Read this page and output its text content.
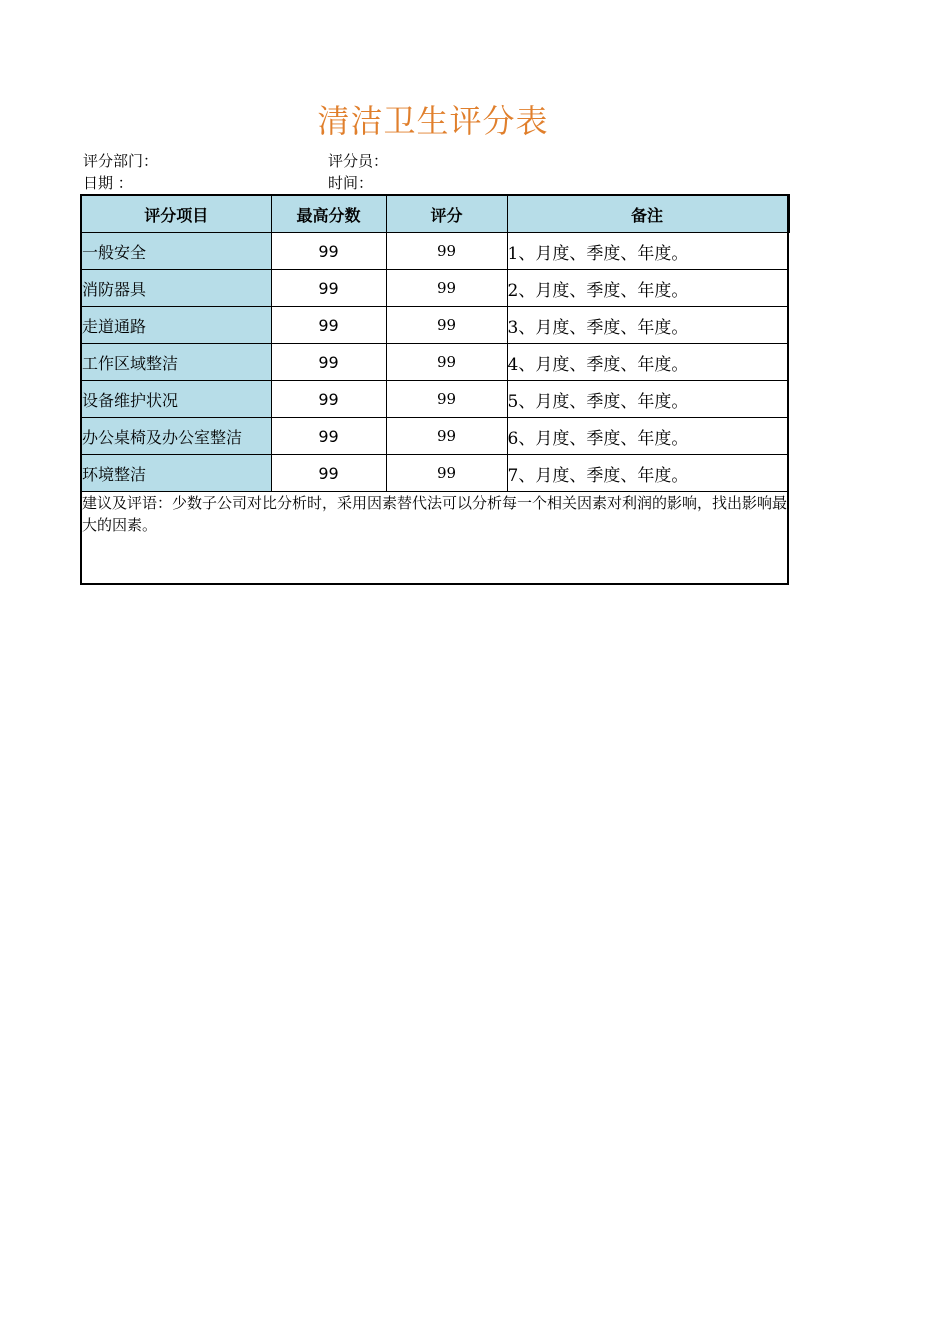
清洁卫生评分表
评分部门：	评分员：
日期 ：	时间：
评分项目	最高分数	评分	备注
一般安全	99	99	1、月度、季度、年度。
消防器具	99	99	2、月度、季度、年度。
走道通路	99	99	3、月度、季度、年度。
工作区域整洁	99	99	4、月度、季度、年度。
设备维护状况	99	99	5、月度、季度、年度。
办公桌椅及办公室整洁	99	99	6、月度、季度、年度。
环境整洁	99	99	7、月度、季度、年度。
建议及评语：少数子公司对比分析时，采用因素替代法可以分析每一个相关因素对利润的影响，找出影响最大的因素。			
